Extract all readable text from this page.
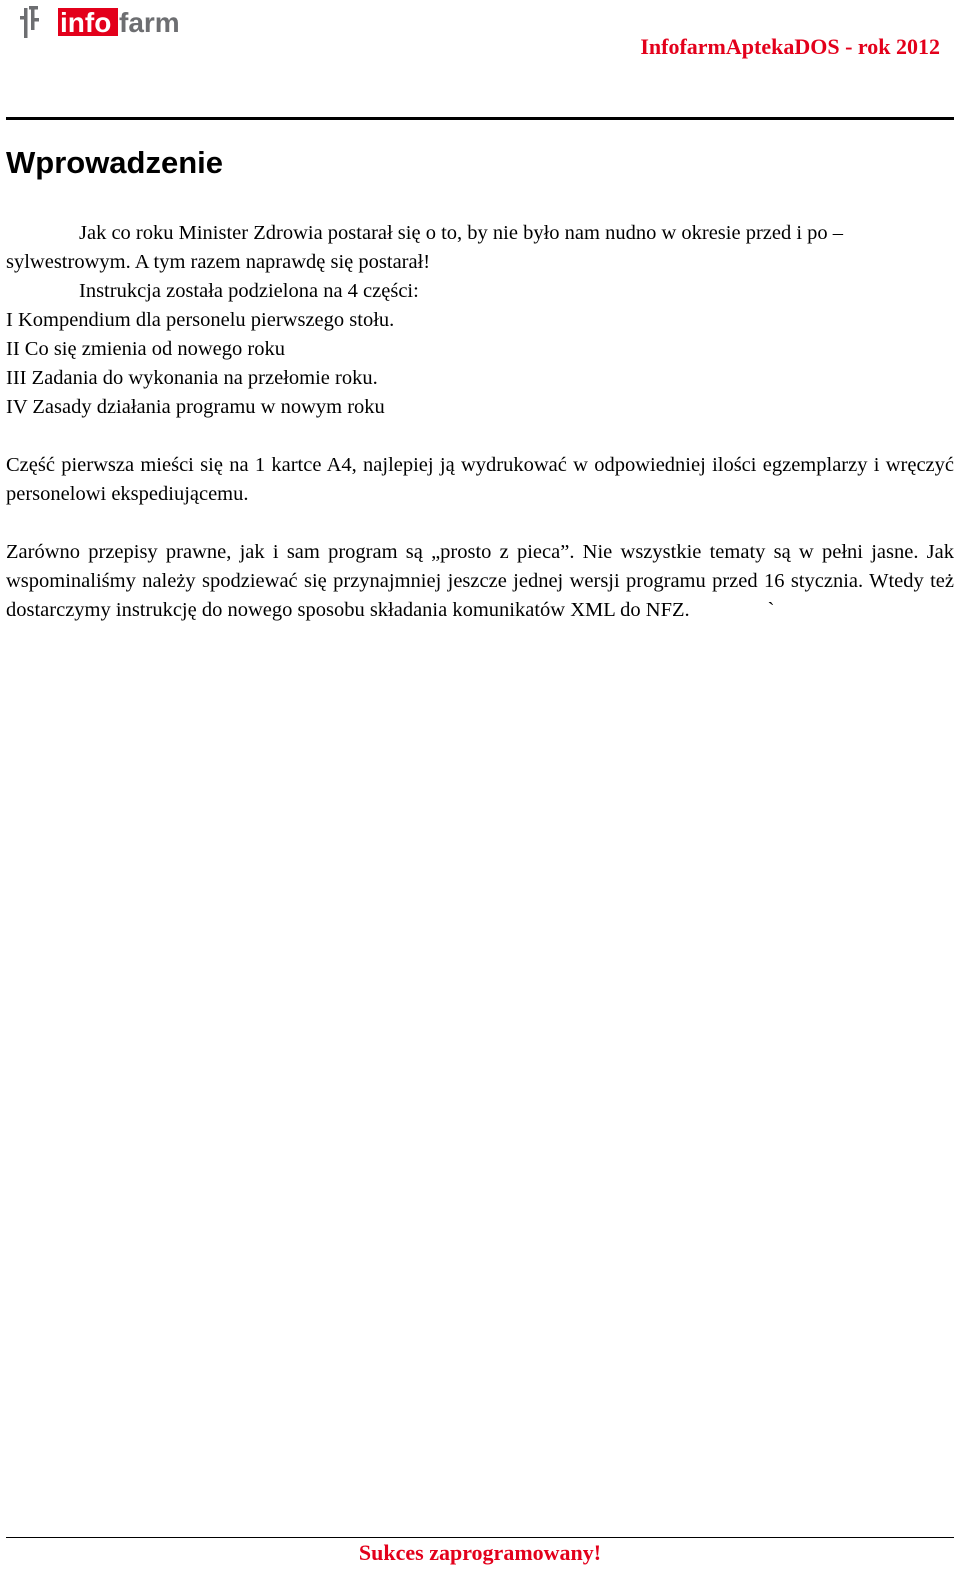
info farm
InfofarmAptekaDOS - rok 2012
Wprowadzenie

Jak co roku Minister Zdrowia postarał się o to, by nie było nam nudno w okresie przed i po – sylwestrowym. A tym razem naprawdę się postarał!

Instrukcja została podzielona na 4 części:

I Kompendium dla personelu pierwszego stołu.

II Co się zmienia od nowego roku

III Zadania do wykonania na przełomie roku.

IV Zasady działania programu w nowym roku

Część pierwsza mieści się na 1 kartce A4, najlepiej ją wydrukować w odpowiedniej ilości egzemplarzy i wręczyć personelowi ekspediującemu.

Zarówno przepisy prawne, jak i sam program są „prosto z pieca”. Nie wszystkie tematy są w pełni jasne. Jak wspominaliśmy należy spodziewać się przynajmniej jeszcze jednej wersji programu przed 16 stycznia. Wtedy też dostarczymy instrukcję do nowego sposobu składania komunikatów XML do NFZ.	`

Sukces zaprogramowany!
